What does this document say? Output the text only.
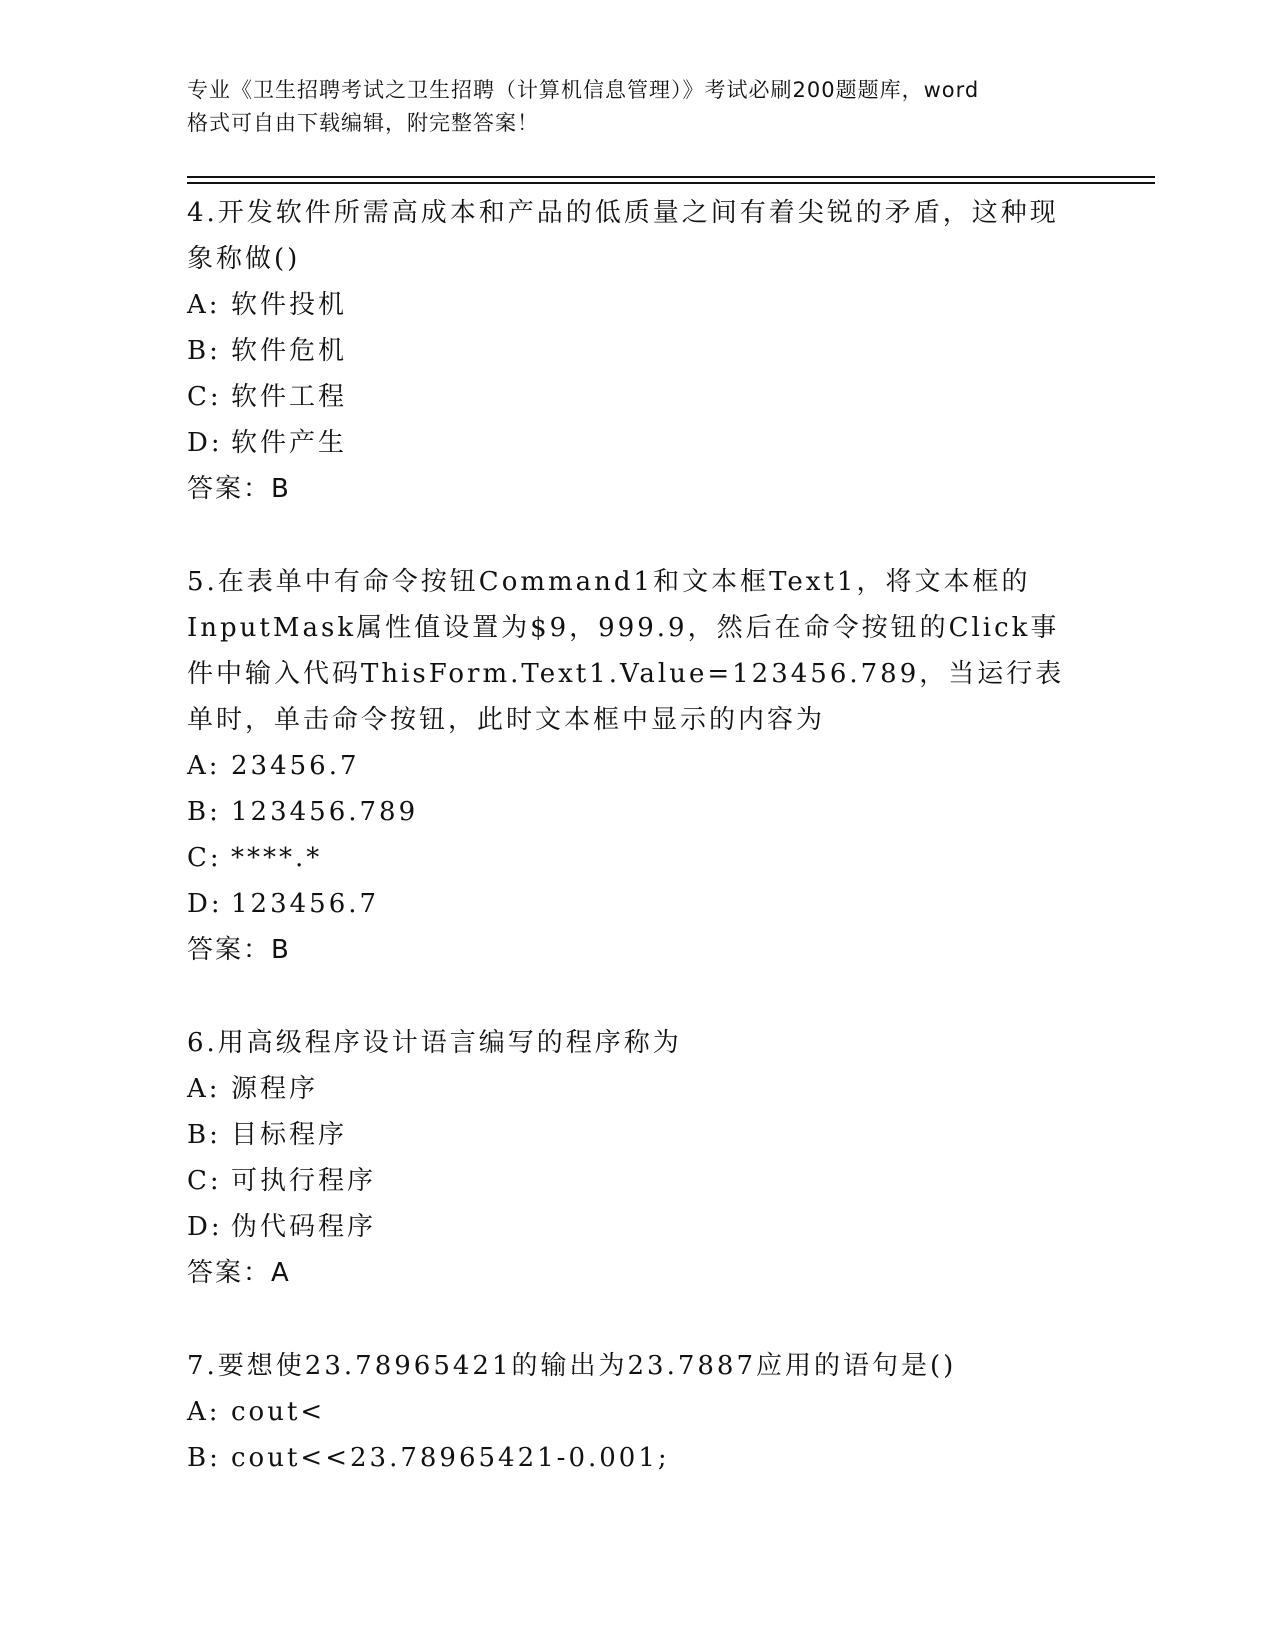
专业《卫生招聘考试之卫生招聘（计算机信息管理）》考试必刷200题题库，word
格式可自由下载编辑，附完整答案！
4.开发软件所需高成本和产品的低质量之间有着尖锐的矛盾，这种现象称做()
A: 软件投机
B: 软件危机
C: 软件工程
D: 软件产生
答案：B
5.在表单中有命令按钮Command1和文本框Text1，将文本框的InputMask属性值设置为$9，999.9，然后在命令按钮的Click事件中输入代码ThisForm.Text1.Value=123456.789，当运行表单时，单击命令按钮，此时文本框中显示的内容为
A: 23456.7
B: 123456.789
C: ****.*
D: 123456.7
答案：B
6.用高级程序设计语言编写的程序称为
A: 源程序
B: 目标程序
C: 可执行程序
D: 伪代码程序
答案：A
7.要想使23.78965421的输出为23.7887应用的语句是()
A: cout<
B: cout<<23.78965421-0.001;
